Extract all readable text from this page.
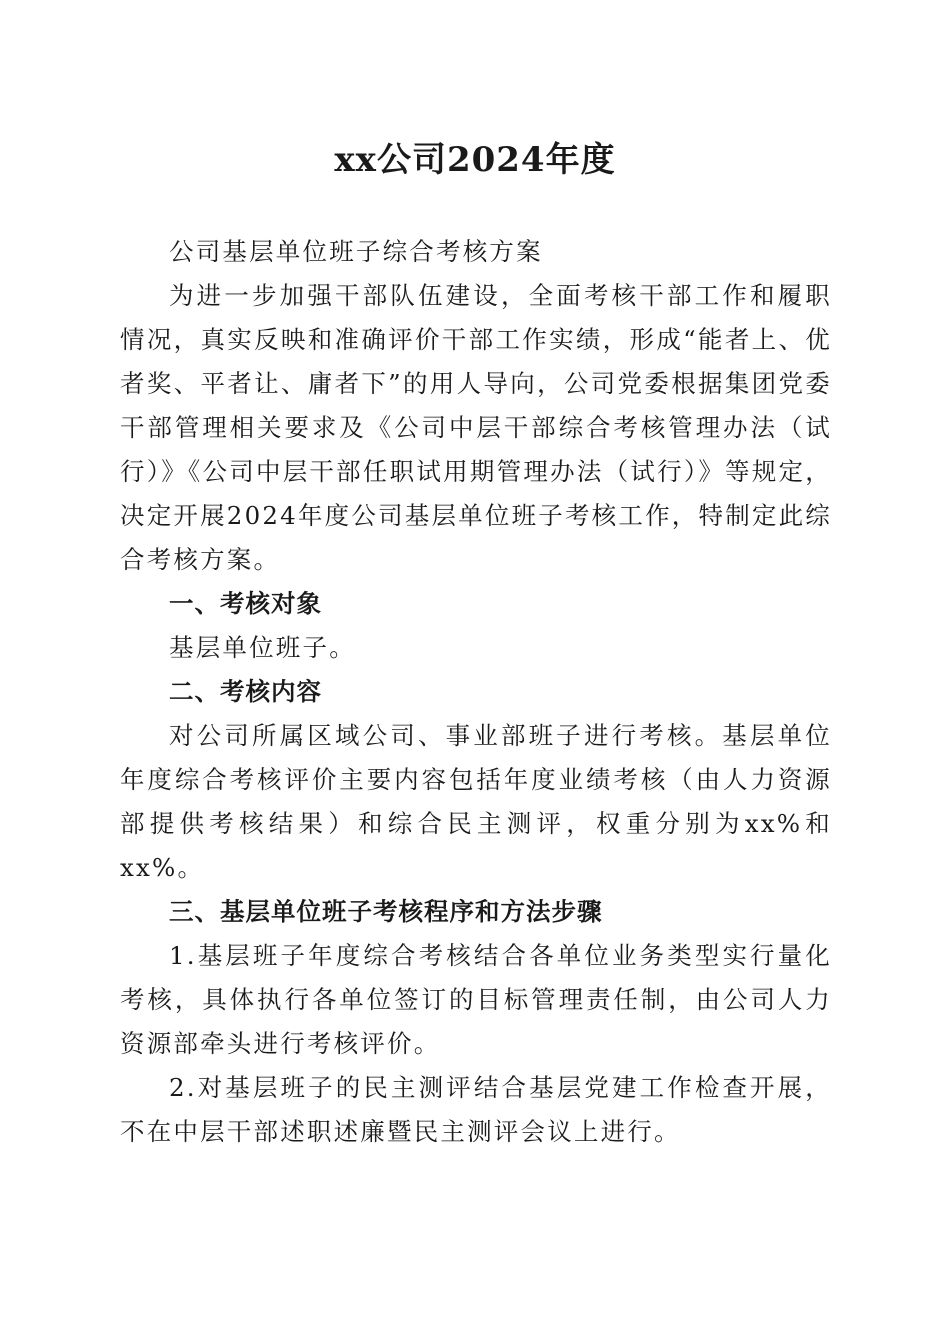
xx公司2024年度

公司基层单位班子综合考核方案

为进一步加强干部队伍建设，全面考核干部工作和履职情况，真实反映和准确评价干部工作实绩，形成“能者上、优者奖、平者让、庸者下”的用人导向，公司党委根据集团党委干部管理相关要求及《公司中层干部综合考核管理办法（试行）》《公司中层干部任职试用期管理办法（试行）》等规定，决定开展2024年度公司基层单位班子考核工作，特制定此综合考核方案。

一、考核对象

基层单位班子。

二、考核内容

对公司所属区域公司、事业部班子进行考核。基层单位年度综合考核评价主要内容包括年度业绩考核（由人力资源部提供考核结果）和综合民主测评，权重分别为xx%和xx%。

三、基层单位班子考核程序和方法步骤

1.基层班子年度综合考核结合各单位业务类型实行量化考核，具体执行各单位签订的目标管理责任制，由公司人力资源部牵头进行考核评价。

2.对基层班子的民主测评结合基层党建工作检查开展，不在中层干部述职述廉暨民主测评会议上进行。
